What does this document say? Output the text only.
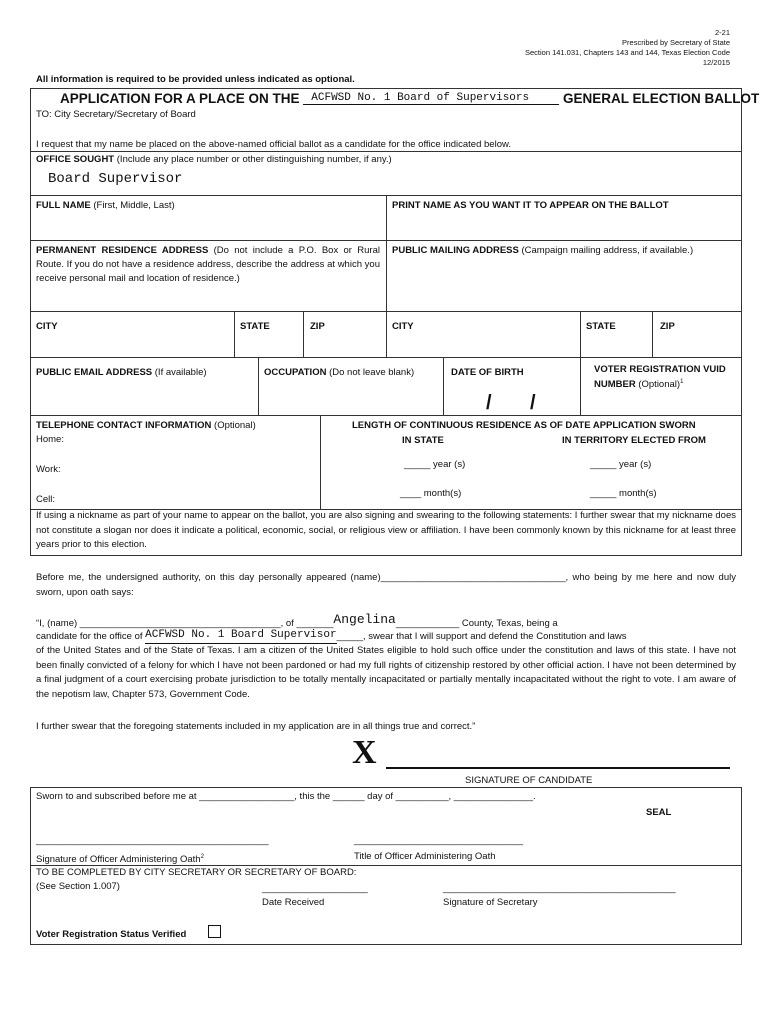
2-21
Prescribed by Secretary of State
Section 141.031, Chapters 143 and 144, Texas Election Code
12/2015
All information is required to be provided unless indicated as optional.
APPLICATION FOR A PLACE ON THE ACFWSD No. 1 Board of Supervisors	GENERAL ELECTION BALLOT
TO: City Secretary/Secretary of Board
I request that my name be placed on the above-named official ballot as a candidate for the office indicated below.
OFFICE SOUGHT (Include any place number or other distinguishing number, if any.)
Board Supervisor
FULL NAME (First, Middle, Last)	PRINT NAME AS YOU WANT IT TO APPEAR ON THE BALLOT
PERMANENT RESIDENCE ADDRESS (Do not include a P.O. Box or Rural Route. If you do not have a residence address, describe the address at which you receive personal mail and location of residence.)
PUBLIC MAILING ADDRESS (Campaign mailing address, if available.)
CITY	STATE	ZIP	CITY	STATE	ZIP
PUBLIC EMAIL ADDRESS (If available)	OCCUPATION (Do not leave blank)	DATE OF BIRTH	VOTER REGISTRATION VUID NUMBER (Optional)$^1$
/ /
TELEPHONE CONTACT INFORMATION (Optional)
Home:
Work:
Cell:
LENGTH OF CONTINUOUS RESIDENCE AS OF DATE APPLICATION SWORN
IN STATE	IN TERRITORY ELECTED FROM
_____ year (s)	_____ year (s)
____ month(s)	_____ month(s)
If using a nickname as part of your name to appear on the ballot, you are also signing and swearing to the following statements: I further swear that my nickname does not constitute a slogan nor does it indicate a political, economic, social, or religious view or affiliation. I have been commonly known by this nickname for at least three years prior to this election.
Before me, the undersigned authority, on this day personally appeared (name)___________________________________, who being by me here and now duly sworn, upon oath says:
“I, (name) ______________________________________, of _______Angelina____________ County, Texas, being a
candidate for the office of ACFWSD No. 1 Board Supervisor_____, swear that I will support and defend the Constitution and laws
of the United States and of the State of Texas. I am a citizen of the United States eligible to hold such office under the constitution and laws of this state. I have not been finally convicted of a felony for which I have not been pardoned or had my full rights of citizenship restored by other official action. I have not been determined by a final judgment of a court exercising probate jurisdiction to be totally mentally incapacitated or partially mentally incapacitated without the right to vote. I am aware of the nepotism law, Chapter 573, Government Code.
I further swear that the foregoing statements included in my application are in all things true and correct.”
X
SIGNATURE OF CANDIDATE
Sworn to and subscribed before me at __________________, this the ______ day of __________, _______________.
SEAL
____________________________________________
Signature of Officer Administering Oath$^2$
________________________________
Title of Officer Administering Oath
TO BE COMPLETED BY CITY SECRETARY OR SECRETARY OF BOARD:
(See Section 1.007)	____________________
Date Received
____________________________________________
Signature of Secretary
Voter Registration Status Verified
